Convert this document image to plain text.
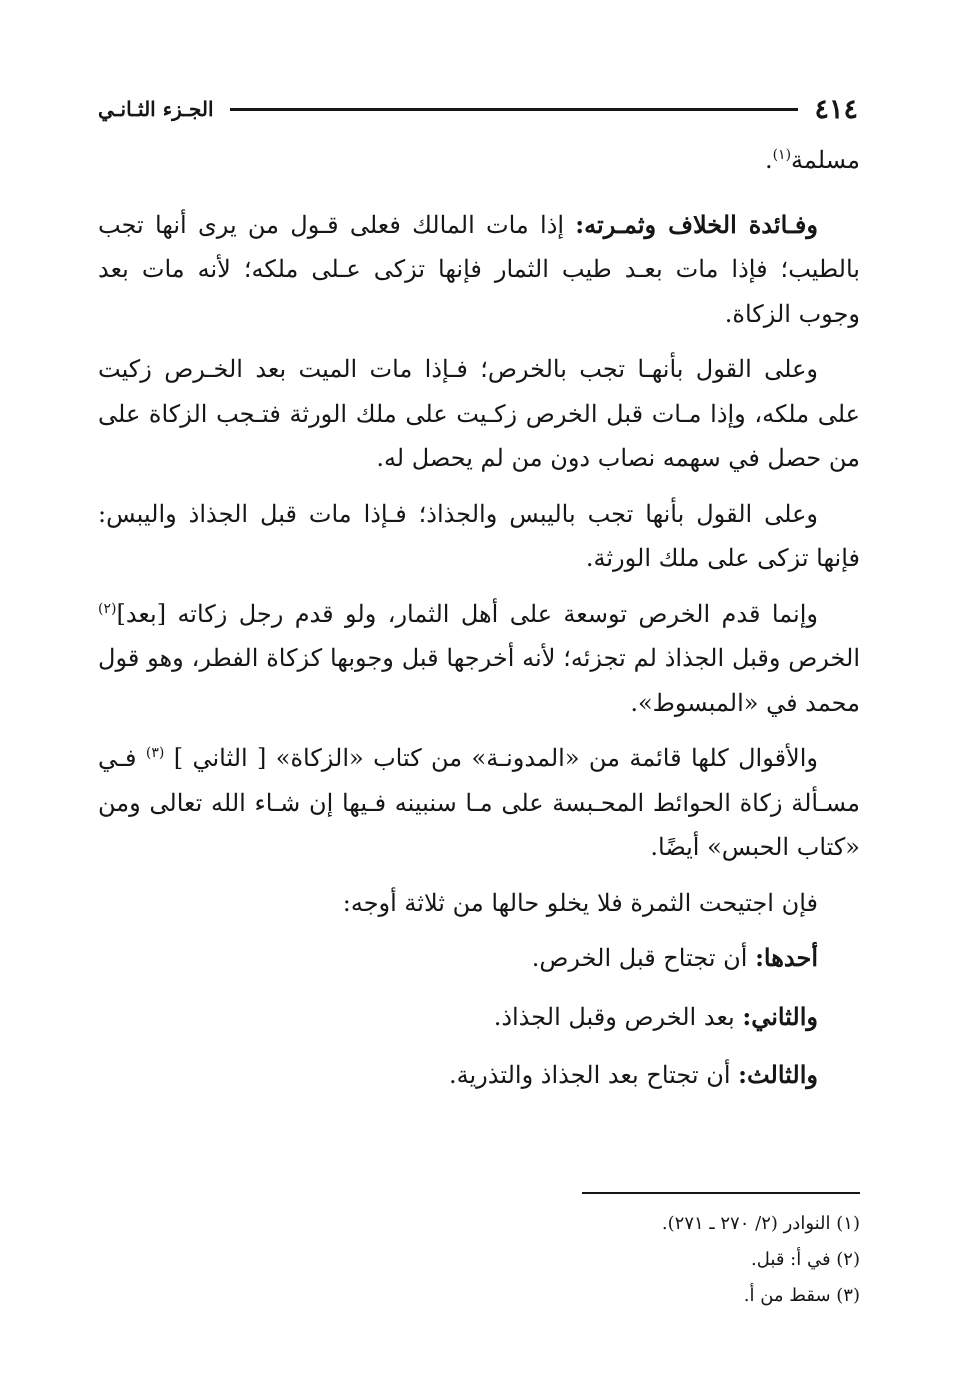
٤١٤
الجـزء الثـانـي

مسلمة$^{(١)}$.

وفـائدة الخلاف وثمـرته: إذا مات المالك فعلى قـول من يرى أنها تجب بالطيب؛ فإذا مات بعـد طيب الثمار فإنها تزكى عـلى ملكه؛ لأنه مات بعد وجوب الزكاة.

وعلى القول بأنهـا تجب بالخرص؛ فـإذا مات الميت بعد الخـرص زكيت على ملكه، وإذا مـات قبل الخرص زكـيت على ملك الورثة فتـجب الزكاة على من حصل في سهمه نصاب دون من لم يحصل له.

وعلى القول بأنها تجب باليبس والجذاذ؛ فـإذا مات قبل الجذاذ واليبس: فإنها تزكى على ملك الورثة.

وإنما قدم الخرص توسعة على أهل الثمار، ولو قدم رجل زكاته [بعد]$^{(٢)}$ الخرص وقبل الجذاذ لم تجزئه؛ لأنه أخرجها قبل وجوبها كزكاة الفطر، وهو قول محمد في «المبسوط».

والأقوال كلها قائمة من «المدونـة» من كتاب «الزكاة» [ الثاني ] $^{(٣)}$ فـي مسـألة زكاة الحوائط المحـبسة على مـا سنبينه فـيها إن شـاء الله تعالى ومن «كتاب الحبس» أيضًا.

فإن اجتيحت الثمرة فلا يخلو حالها من ثلاثة أوجه:

أحدها: أن تجتاح قبل الخرص.

والثاني: بعد الخرص وقبل الجذاذ.

والثالث: أن تجتاح بعد الجذاذ والتذرية.

(١) النوادر (٢/ ٢٧٠ ـ ٢٧١).
(٢) في أ: قبل.
(٣) سقط من أ.
